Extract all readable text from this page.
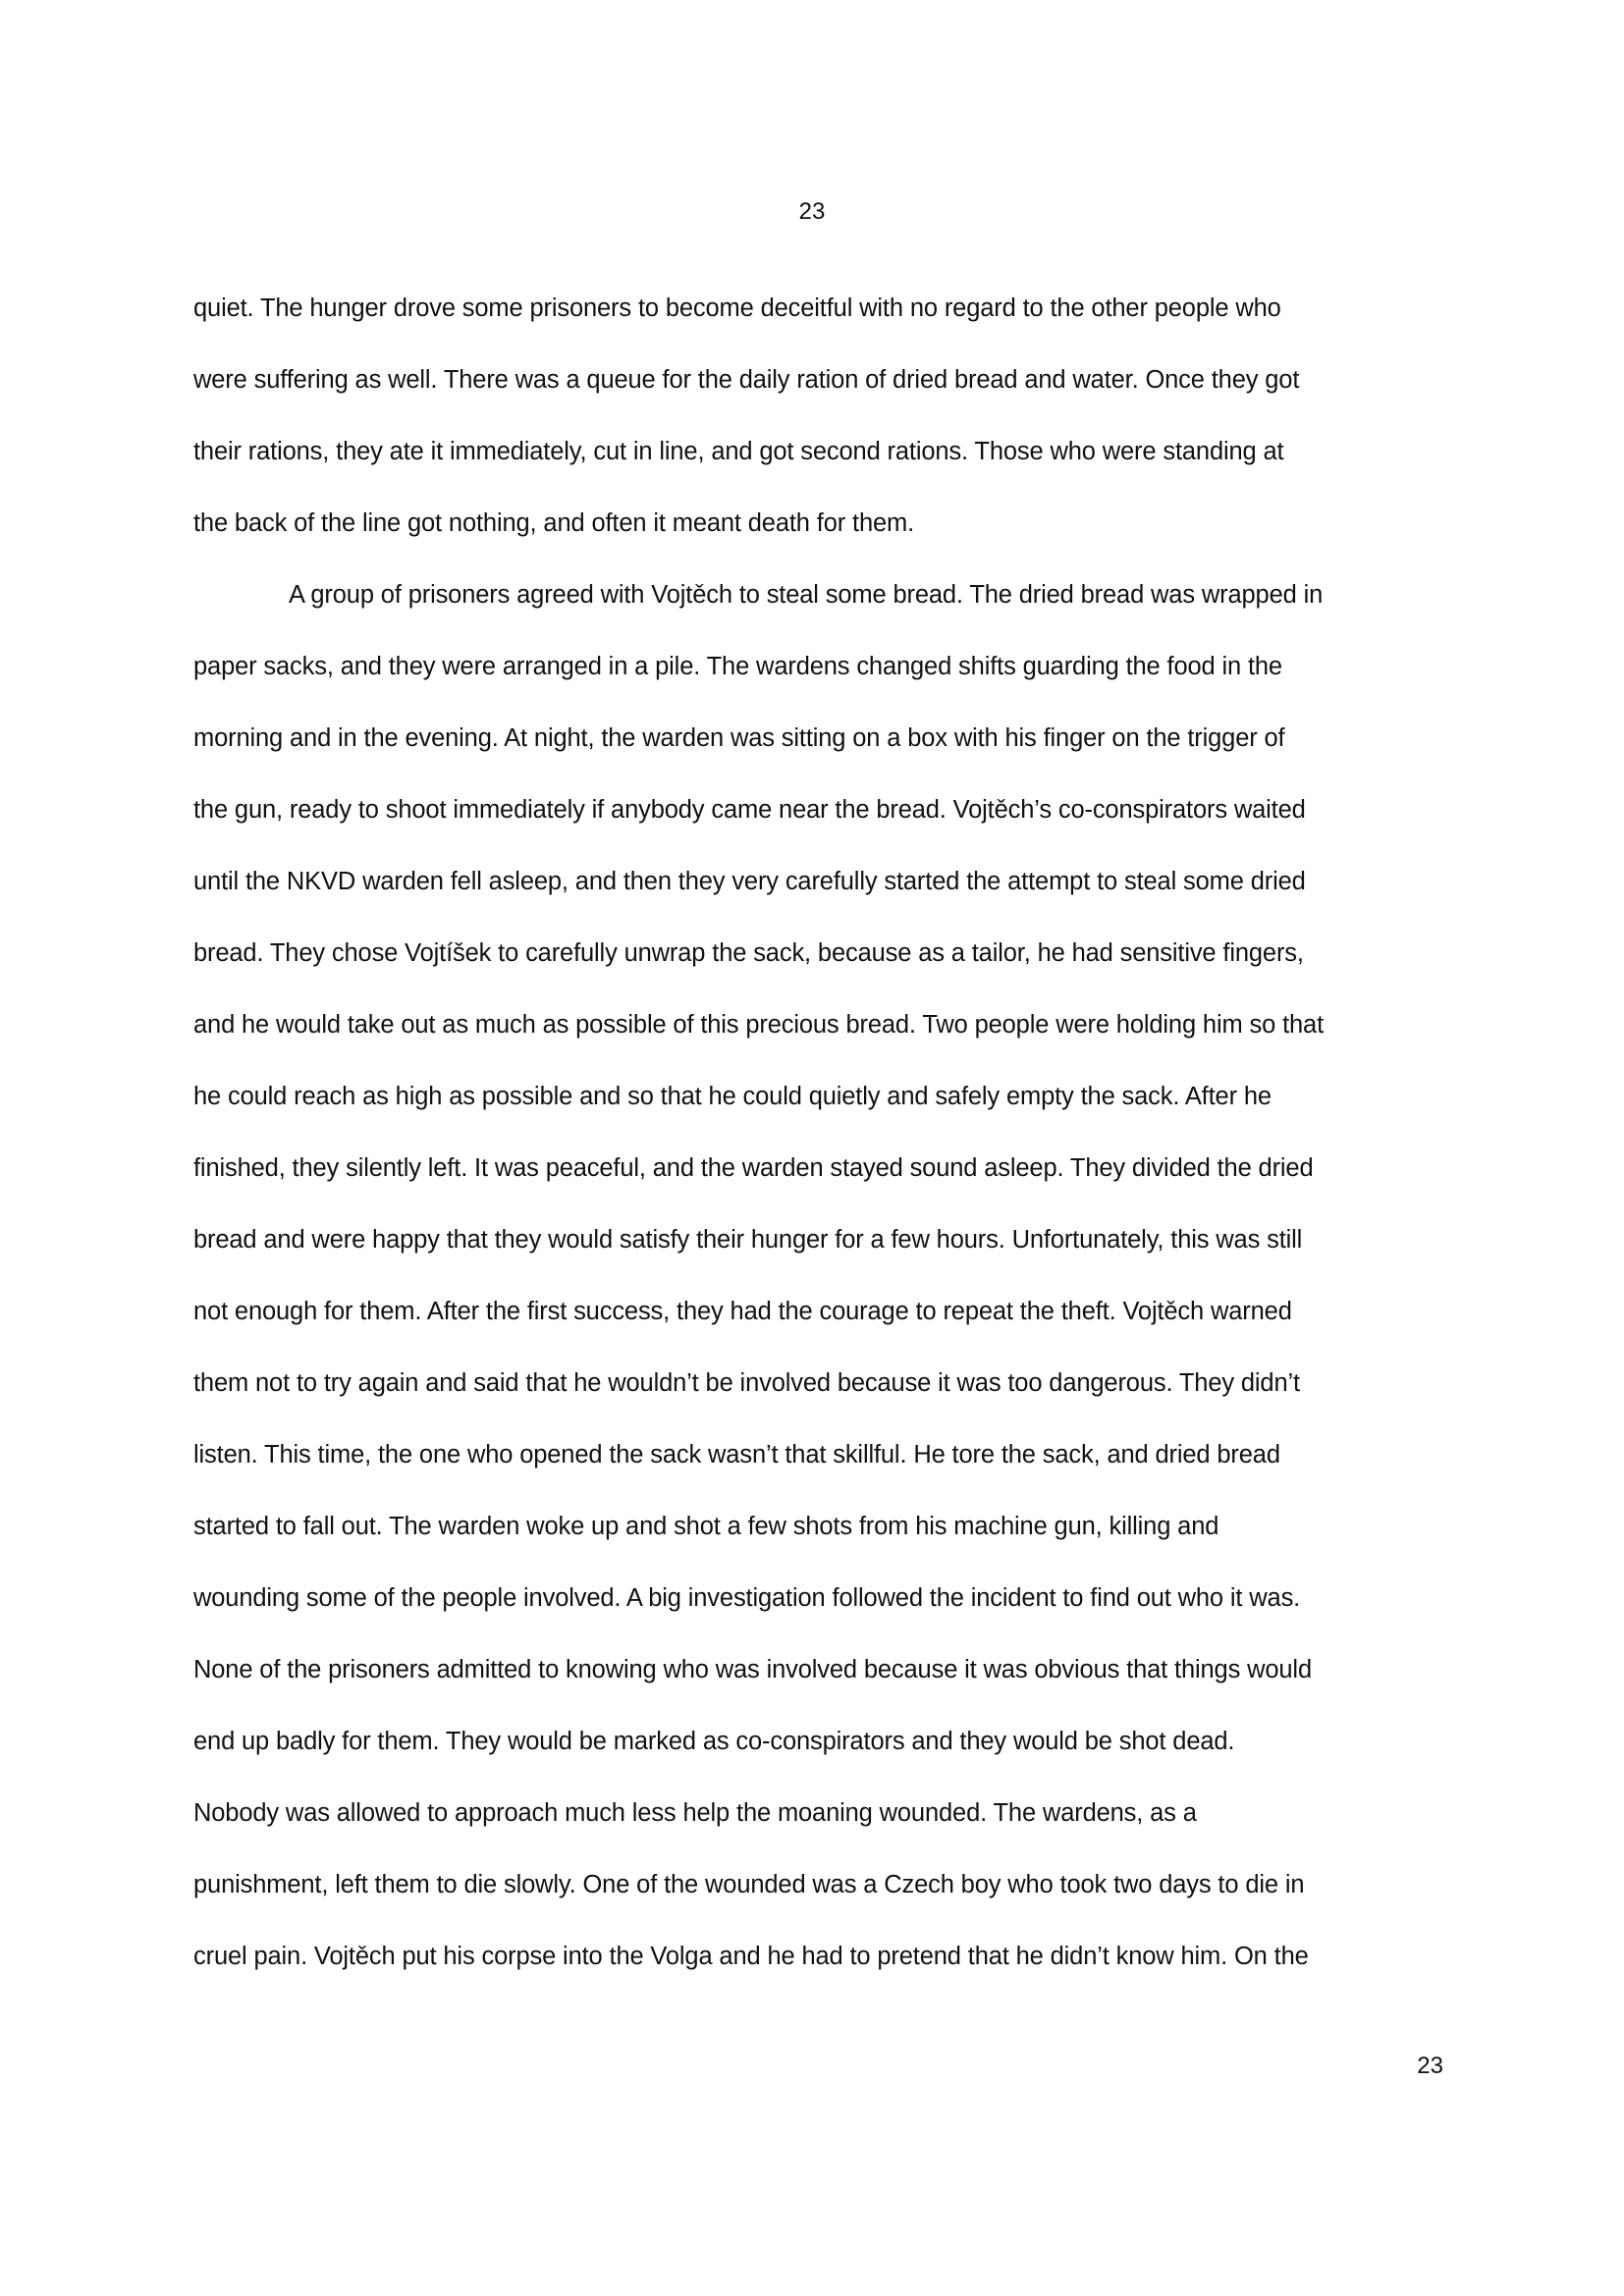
23
quiet. The hunger drove some prisoners to become deceitful with no regard to the other people who
were suffering as well. There was a queue for the daily ration of dried bread and water. Once they got
their rations, they ate it immediately, cut in line, and got second rations. Those who were standing at
the back of the line got nothing, and often it meant death for them.
A group of prisoners agreed with Vojtěch to steal some bread. The dried bread was wrapped in
paper sacks, and they were arranged in a pile. The wardens changed shifts guarding the food in the
morning and in the evening. At night, the warden was sitting on a box with his finger on the trigger of
the gun, ready to shoot immediately if anybody came near the bread. Vojtěch’s co-conspirators waited
until the NKVD warden fell asleep, and then they very carefully started the attempt to steal some dried
bread. They chose Vojtíšek to carefully unwrap the sack, because as a tailor, he had sensitive fingers,
and he would take out as much as possible of this precious bread. Two people were holding him so that
he could reach as high as possible and so that he could quietly and safely empty the sack. After he
finished, they silently left. It was peaceful, and the warden stayed sound asleep. They divided the dried
bread and were happy that they would satisfy their hunger for a few hours. Unfortunately, this was still
not enough for them. After the first success, they had the courage to repeat the theft. Vojtěch warned
them not to try again and said that he wouldn’t be involved because it was too dangerous. They didn’t
listen. This time, the one who opened the sack wasn’t that skillful. He tore the sack, and dried bread
started to fall out. The warden woke up and shot a few shots from his machine gun, killing and
wounding some of the people involved. A big investigation followed the incident to find out who it was.
None of the prisoners admitted to knowing who was involved because it was obvious that things would
end up badly for them. They would be marked as co-conspirators and they would be shot dead.
Nobody was allowed to approach much less help the moaning wounded. The wardens, as a
punishment, left them to die slowly. One of the wounded was a Czech boy who took two days to die in
cruel pain. Vojtěch put his corpse into the Volga and he had to pretend that he didn’t know him. On the
23
